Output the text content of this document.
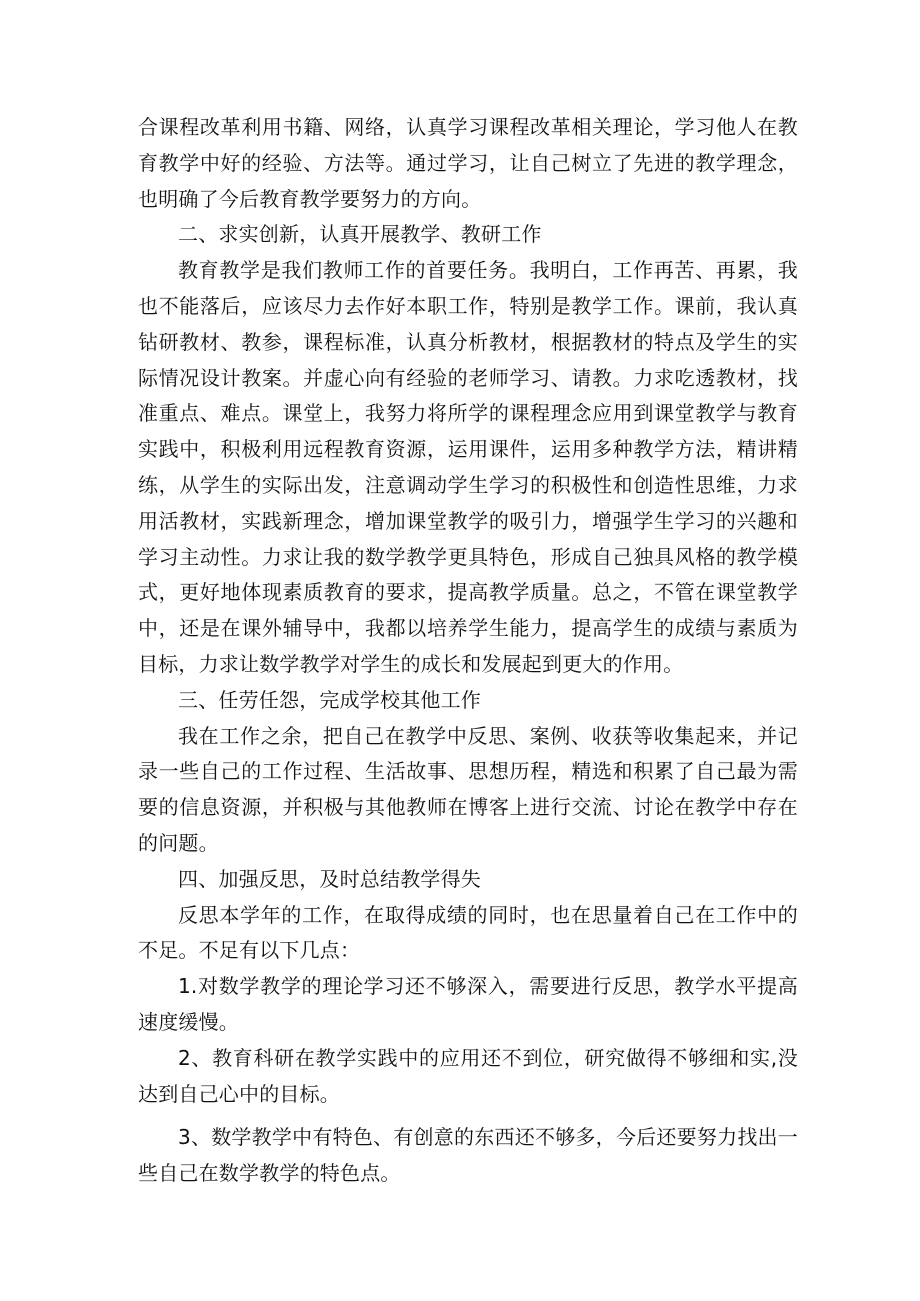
合课程改革利用书籍、网络，认真学习课程改革相关理论，学习他人在教育教学中好的经验、方法等。通过学习，让自己树立了先进的教学理念，也明确了今后教育教学要努力的方向。

二、求实创新，认真开展教学、教研工作

教育教学是我们教师工作的首要任务。我明白，工作再苦、再累，我也不能落后，应该尽力去作好本职工作，特别是教学工作。课前，我认真钻研教材、教参，课程标准，认真分析教材，根据教材的特点及学生的实际情况设计教案。并虚心向有经验的老师学习、请教。力求吃透教材，找准重点、难点。课堂上，我努力将所学的课程理念应用到课堂教学与教育实践中，积极利用远程教育资源，运用课件，运用多种教学方法，精讲精练，从学生的实际出发，注意调动学生学习的积极性和创造性思维，力求用活教材，实践新理念，增加课堂教学的吸引力，增强学生学习的兴趣和学习主动性。力求让我的数学教学更具特色，形成自己独具风格的教学模式，更好地体现素质教育的要求，提高教学质量。总之，不管在课堂教学中，还是在课外辅导中，我都以培养学生能力，提高学生的成绩与素质为目标，力求让数学教学对学生的成长和发展起到更大的作用。

三、任劳任怨，完成学校其他工作

我在工作之余，把自己在教学中反思、案例、收获等收集起来，并记录一些自己的工作过程、生活故事、思想历程，精选和积累了自己最为需要的信息资源，并积极与其他教师在博客上进行交流、讨论在教学中存在的问题。

四、加强反思，及时总结教学得失

反思本学年的工作，在取得成绩的同时，也在思量着自己在工作中的不足。不足有以下几点：

1.对数学教学的理论学习还不够深入，需要进行反思，教学水平提高速度缓慢。

2、教育科研在教学实践中的应用还不到位，研究做得不够细和实,没达到自己心中的目标。

3、数学教学中有特色、有创意的东西还不够多，今后还要努力找出一些自己在数学教学的特色点。
